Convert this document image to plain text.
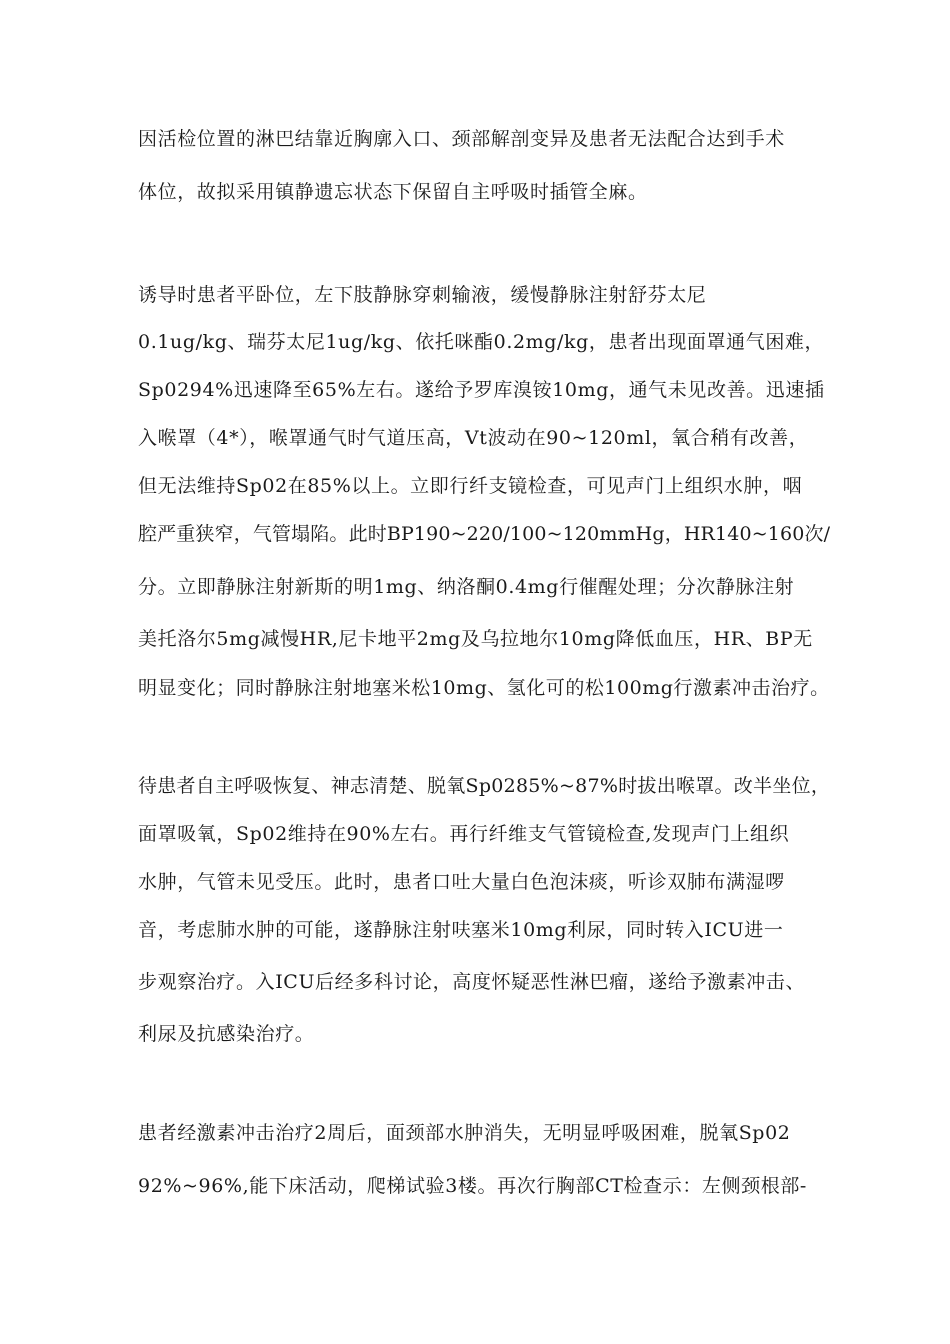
因活检位置的淋巴结靠近胸廓入口、颈部解剖变异及患者无法配合达到手术
体位，故拟采用镇静遗忘状态下保留自主呼吸时插管全麻。
诱导时患者平卧位，左下肢静脉穿刺输液，缓慢静脉注射舒芬太尼
0.1ug/kg、瑞芬太尼1ug/kg、依托咪酯0.2mg/kg，患者出现面罩通气困难，
Sp0294%迅速降至65%左右。遂给予罗库溴铵10mg，通气未见改善。迅速插
入喉罩（4*），喉罩通气时气道压高，Vt波动在90~120ml，氧合稍有改善，
但无法维持Sp02在85%以上。立即行纤支镜检查，可见声门上组织水肿，咽
腔严重狭窄，气管塌陷。此时BP190~220/100~120mmHg，HR140~160次/
分。立即静脉注射新斯的明1mg、纳洛酮0.4mg行催醒处理；分次静脉注射
美托洛尔5mg减慢HR,尼卡地平2mg及乌拉地尔10mg降低血压，HR、BP无
明显变化；同时静脉注射地塞米松10mg、氢化可的松100mg行激素冲击治疗。
待患者自主呼吸恢复、神志清楚、脱氧Sp0285%~87%时拔出喉罩。改半坐位，
面罩吸氧，Sp02维持在90%左右。再行纤维支气管镜检查,发现声门上组织
水肿，气管未见受压。此时，患者口吐大量白色泡沫痰，听诊双肺布满湿啰
音，考虑肺水肿的可能，遂静脉注射呋塞米10mg利尿，同时转入ICU进一
步观察治疗。入ICU后经多科讨论，高度怀疑恶性淋巴瘤，遂给予激素冲击、
利尿及抗感染治疗。
患者经激素冲击治疗2周后，面颈部水肿消失，无明显呼吸困难，脱氧Sp02
92%~96%,能下床活动，爬梯试验3楼。再次行胸部CT检查示：左侧颈根部-
